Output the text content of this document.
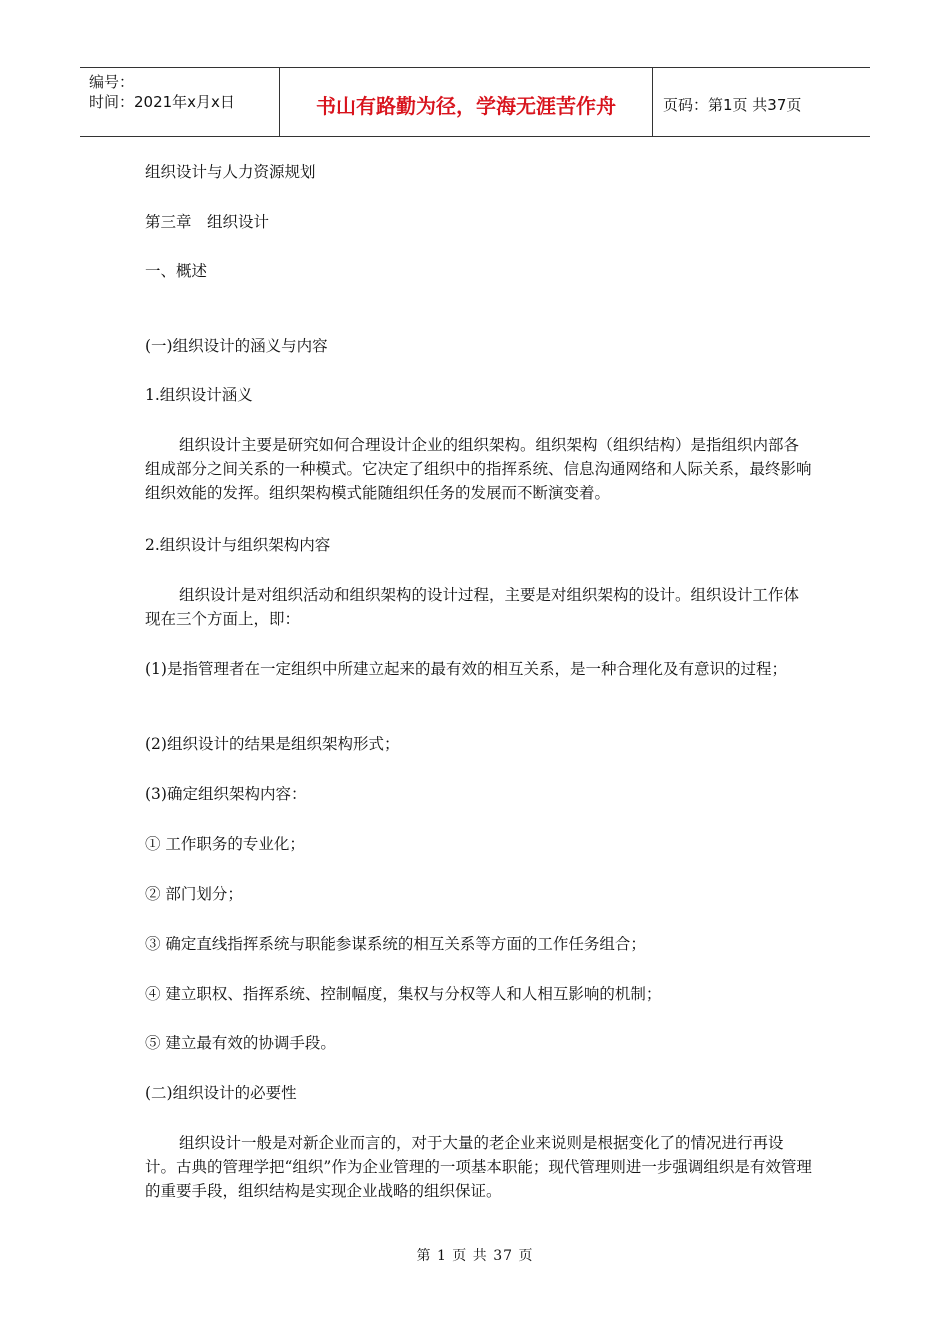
编号：
时间：2021年x月x日	书山有路勤为径，学海无涯苦作舟	页码：第1页 共37页

组织设计与人力资源规划

第三章　组织设计

一、概述

(一)组织设计的涵义与内容

1.组织设计涵义

组织设计主要是研究如何合理设计企业的组织架构。组织架构（组织结构）是指组织内部各组成部分之间关系的一种模式。它决定了组织中的指挥系统、信息沟通网络和人际关系，最终影响组织效能的发挥。组织架构模式能随组织任务的发展而不断演变着。

2.组织设计与组织架构内容

组织设计是对组织活动和组织架构的设计过程，主要是对组织架构的设计。组织设计工作体现在三个方面上，即：

(1)是指管理者在一定组织中所建立起来的最有效的相互关系，是一种合理化及有意识的过程；

(2)组织设计的结果是组织架构形式；

(3)确定组织架构内容：

① 工作职务的专业化；

② 部门划分；

③ 确定直线指挥系统与职能参谋系统的相互关系等方面的工作任务组合；

④ 建立职权、指挥系统、控制幅度，集权与分权等人和人相互影响的机制；

⑤ 建立最有效的协调手段。

(二)组织设计的必要性

组织设计一般是对新企业而言的，对于大量的老企业来说则是根据变化了的情况进行再设计。古典的管理学把“组织”作为企业管理的一项基本职能；现代管理则进一步强调组织是有效管理的重要手段，组织结构是实现企业战略的组织保证。

第 1 页 共 37 页
